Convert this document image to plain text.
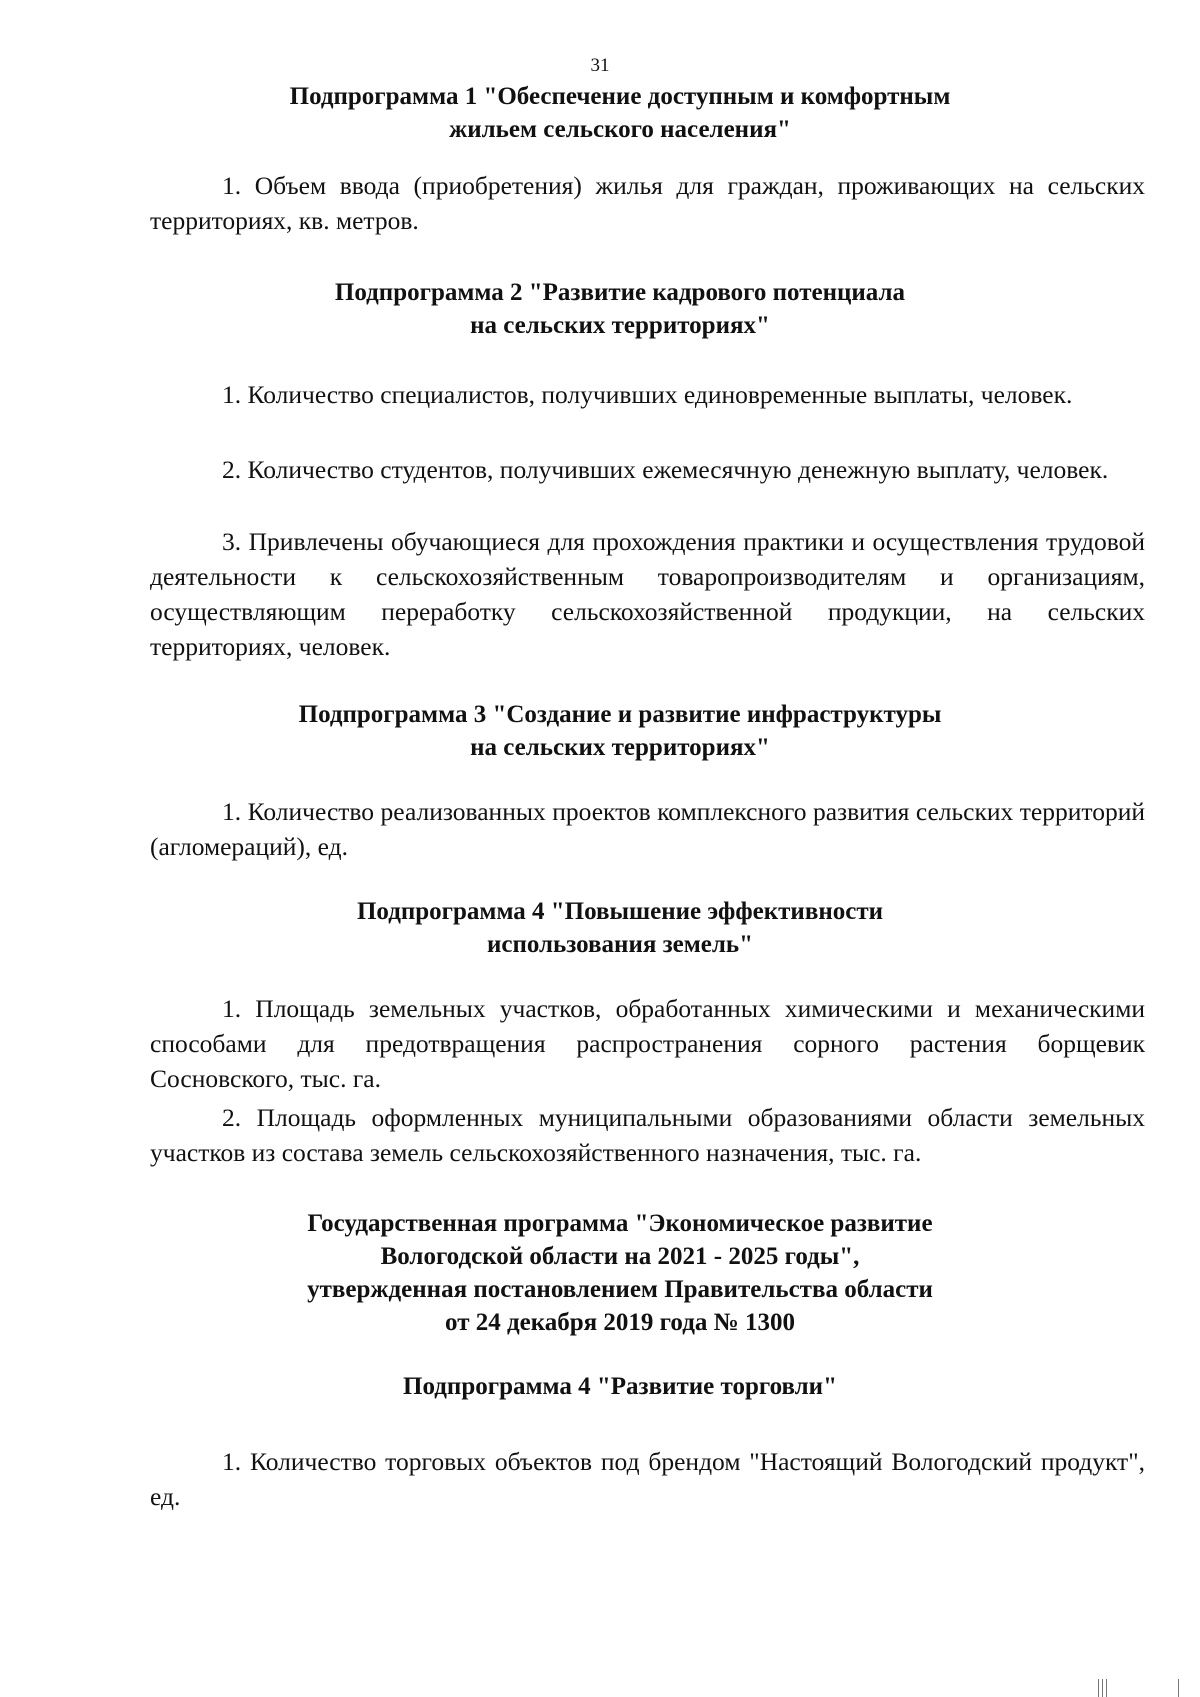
31
Подпрограмма 1 "Обеспечение доступным и комфортным
жильем сельского населения"
1. Объем ввода (приобретения) жилья для граждан, проживающих на сельских территориях, кв. метров.
Подпрограмма 2 "Развитие кадрового потенциала
на сельских территориях"
1. Количество специалистов, получивших единовременные выплаты, человек.
2. Количество студентов, получивших ежемесячную денежную выплату, человек.
3. Привлечены обучающиеся для прохождения практики и осуществления трудовой деятельности к сельскохозяйственным товаропроизводителям и организациям, осуществляющим переработку сельскохозяйственной продукции, на сельских территориях, человек.
Подпрограмма 3 "Создание и развитие инфраструктуры
на сельских территориях"
1. Количество реализованных проектов комплексного развития сельских территорий (агломераций), ед.
Подпрограмма 4 "Повышение эффективности
использования земель"
1. Площадь земельных участков, обработанных химическими и механическими способами для предотвращения распространения сорного растения борщевик Сосновского, тыс. га.
2. Площадь оформленных муниципальными образованиями области земельных участков из состава земель сельскохозяйственного назначения, тыс. га.
Государственная программа "Экономическое развитие
Вологодской области на 2021 - 2025 годы",
утвержденная постановлением Правительства области
от 24 декабря 2019 года № 1300
Подпрограмма 4 "Развитие торговли"
1. Количество торговых объектов под брендом "Настоящий Вологодский продукт", ед.
